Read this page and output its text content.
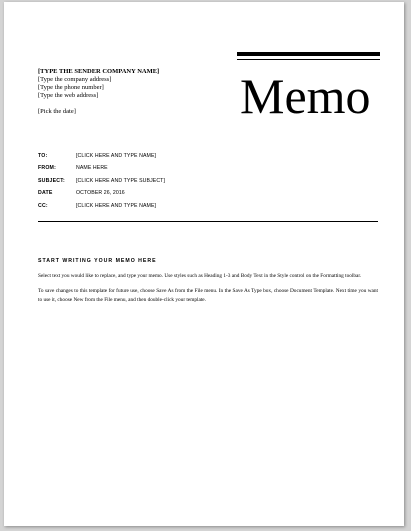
Memo
[TYPE THE SENDER COMPANY NAME]
[Type the company address]
[Type the phone number]
[Type the web address]
[Pick the date]
TO:	[CLICK HERE AND TYPE NAME]
FROM:	NAME HERE
SUBJECT:	[CLICK HERE AND TYPE SUBJECT]
DATE	OCTOBER 26, 2016
CC:	[CLICK HERE AND TYPE NAME]
START WRITING YOUR MEMO HERE

Select text you would like to replace, and type your memo. Use styles such as Heading 1-3 and Body Text in the Style control on the Formatting toolbar.

To save changes to this template for future use, choose Save As from the File menu. In the Save As Type box, choose Document Template. Next time you want to use it, choose New from the File menu, and then double-click your template.
